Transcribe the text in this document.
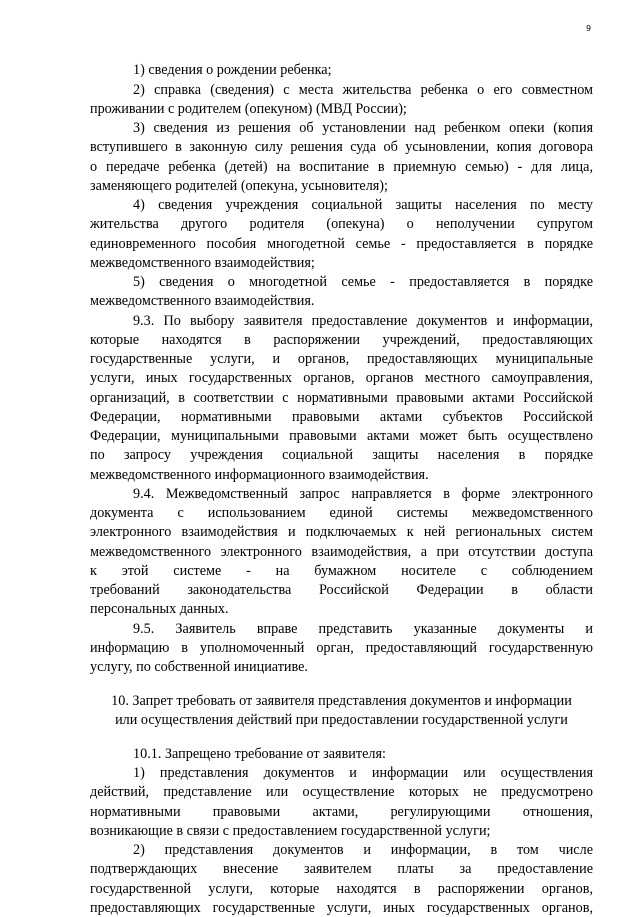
9
1) сведения о рождении ребенка;
2) справка (сведения) с места жительства ребенка о его совместном
проживании с родителем (опекуном) (МВД России);
3) сведения из решения об установлении над ребенком опеки (копия
вступившего в законную силу решения суда об усыновлении, копия договора
о передаче ребенка (детей) на воспитание в приемную семью) - для лица,
заменяющего родителей (опекуна, усыновителя);
4) сведения учреждения социальной защиты населения по месту
жительства другого родителя (опекуна) о неполучении супругом
единовременного пособия многодетной семье - предоставляется в порядке
межведомственного взаимодействия;
5) сведения о многодетной семье - предоставляется в порядке
межведомственного взаимодействия.
9.3. По выбору заявителя предоставление документов и информации,
которые находятся в распоряжении учреждений, предоставляющих
государственные услуги, и органов, предоставляющих муниципальные
услуги, иных государственных органов, органов местного самоуправления,
организаций, в соответствии с нормативными правовыми актами Российской
Федерации, нормативными правовыми актами субъектов Российской
Федерации, муниципальными правовыми актами может быть осуществлено
по запросу учреждения социальной защиты населения в порядке
межведомственного информационного взаимодействия.
9.4. Межведомственный запрос направляется в форме электронного
документа с использованием единой системы межведомственного
электронного взаимодействия и подключаемых к ней региональных систем
межведомственного электронного взаимодействия, а при отсутствии доступа
к этой системе - на бумажном носителе с соблюдением
требований законодательства Российской Федерации в области
персональных данных.
9.5. Заявитель вправе представить указанные документы и
информацию в уполномоченный орган, предоставляющий государственную
услугу, по собственной инициативе.
10. Запрет требовать от заявителя представления документов и информации
или осуществления действий при предоставлении государственной услуги
10.1. Запрещено требование от заявителя:
1) представления документов и информации или осуществления
действий, представление или осуществление которых не предусмотрено
нормативными правовыми актами, регулирующими отношения,
возникающие в связи с предоставлением государственной услуги;
2) представления документов и информации, в том числе
подтверждающих внесение заявителем платы за предоставление
государственной услуги, которые находятся в распоряжении органов,
предоставляющих государственные услуги, иных государственных органов,
